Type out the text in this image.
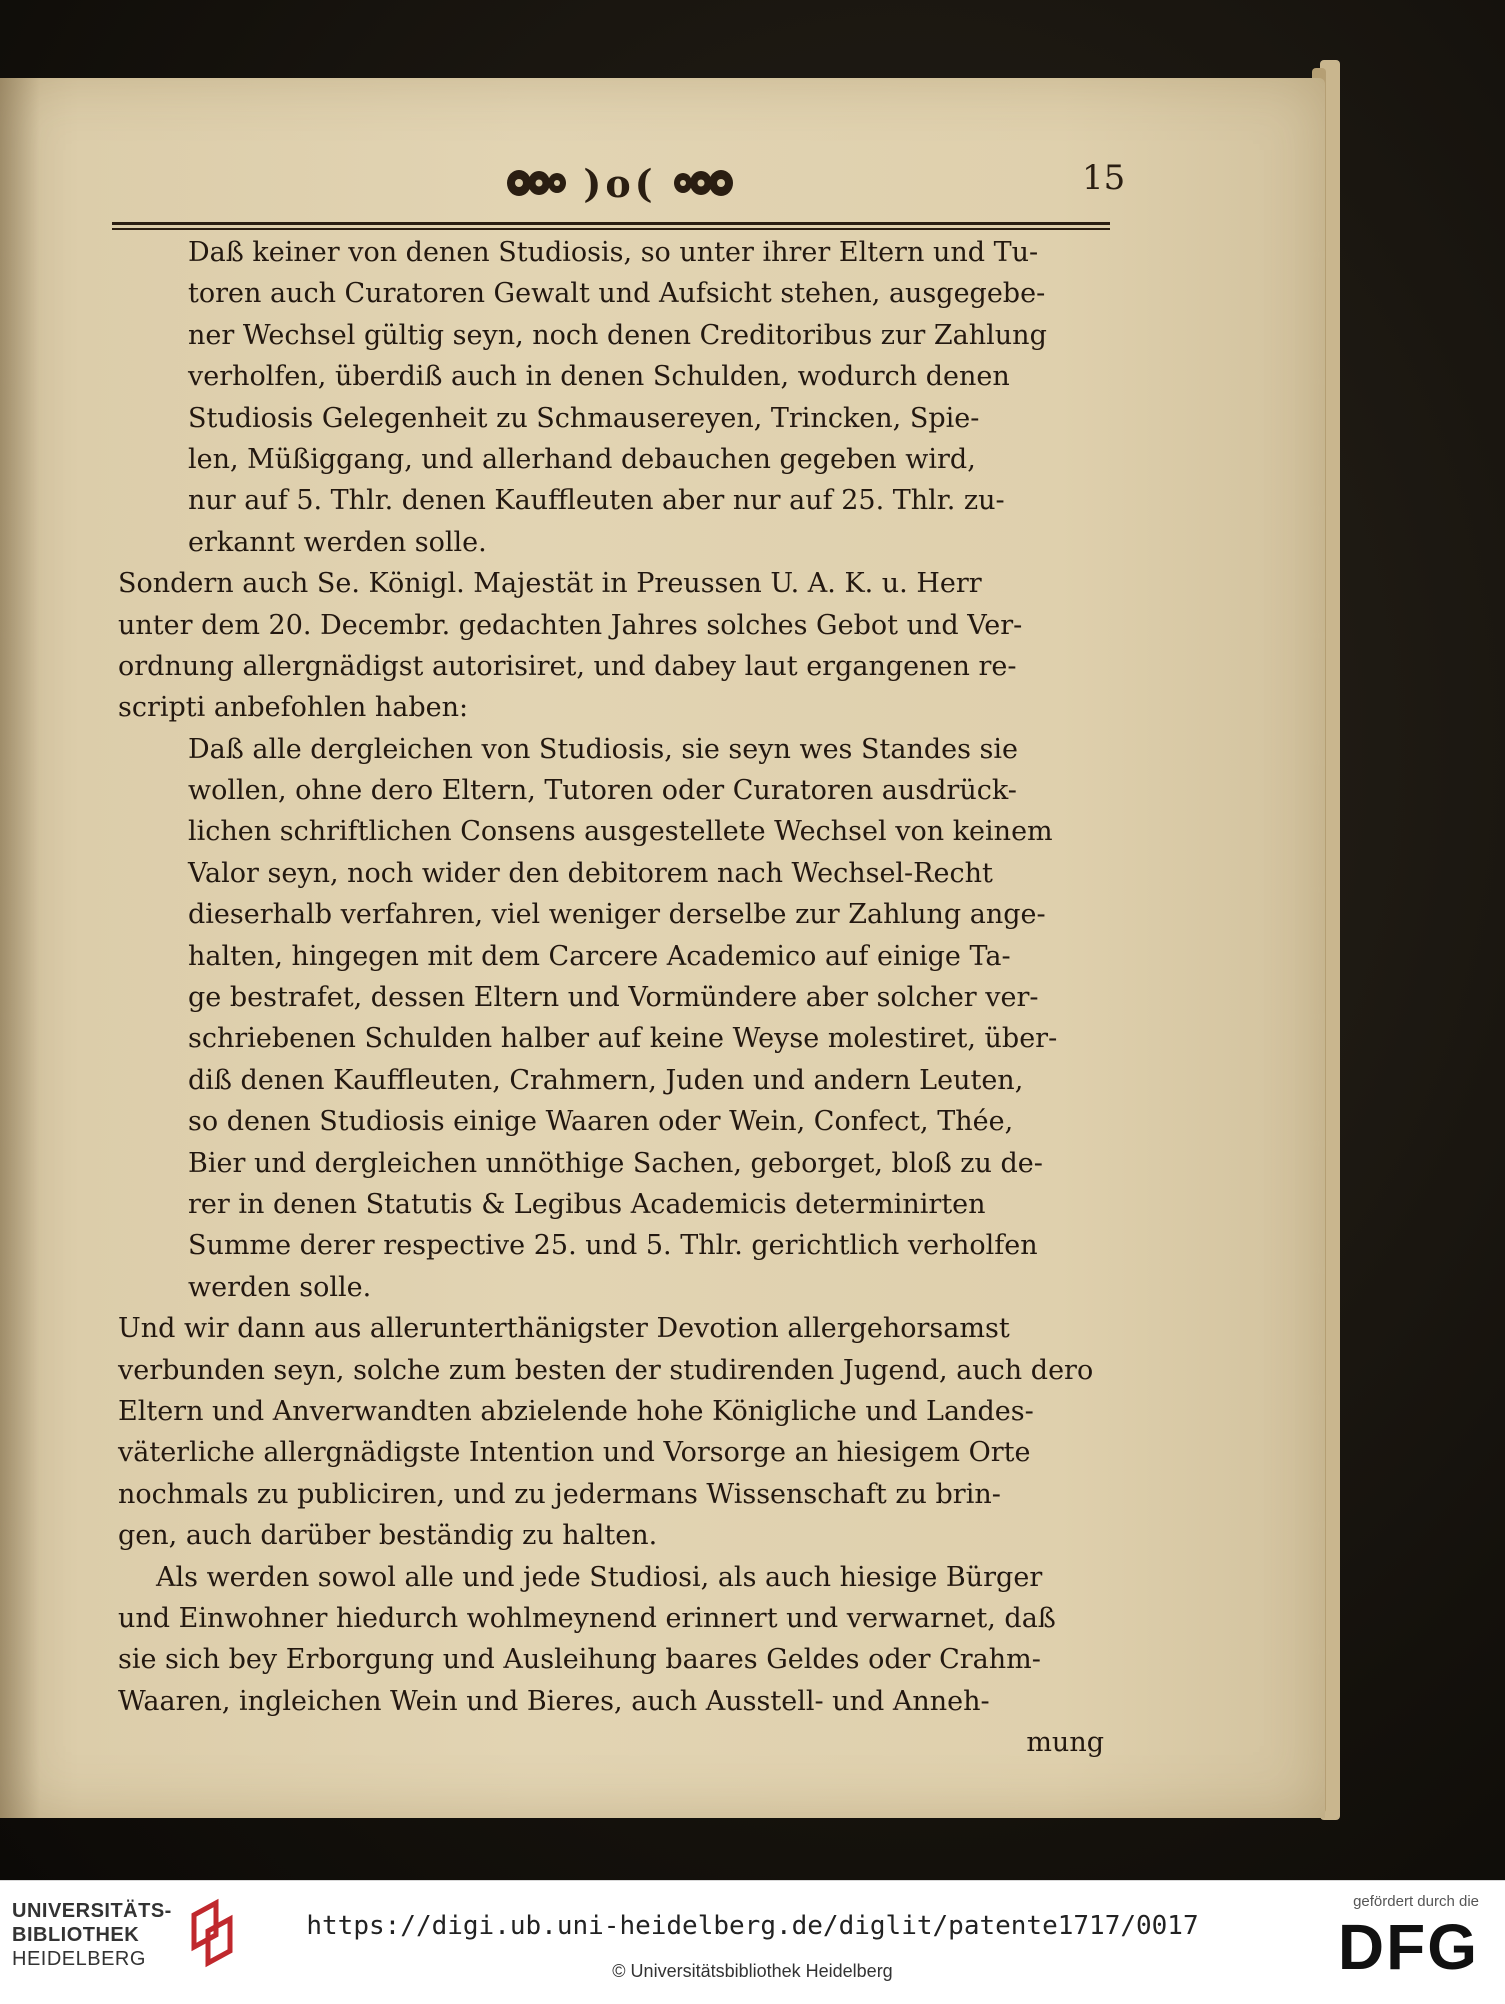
)o(	15
Daß keiner von denen Studiosis, so unter ihrer Eltern und Tu-
toren auch Curatoren Gewalt und Aufsicht stehen, ausgegebe-
ner Wechsel gültig seyn, noch denen Creditoribus zur Zahlung
verholfen, überdiß auch in denen Schulden, wodurch denen
Studiosis Gelegenheit zu Schmausereyen, Trincken, Spie-
len, Müßiggang, und allerhand debauchen gegeben wird,
nur auf 5. Thlr. denen Kauffleuten aber nur auf 25. Thlr. zu-
erkannt werden solle.
Sondern auch Se. Königl. Majestät in Preussen U. A. K. u. Herr
unter dem 20. Decembr. gedachten Jahres solches Gebot und Ver-
ordnung allergnädigst autorisiret, und dabey laut ergangenen re-
scripti anbefohlen haben:
Daß alle dergleichen von Studiosis, sie seyn wes Standes sie
wollen, ohne dero Eltern, Tutoren oder Curatoren ausdrück-
lichen schriftlichen Consens ausgestellete Wechsel von keinem
Valor seyn, noch wider den debitorem nach Wechsel-Recht
dieserhalb verfahren, viel weniger derselbe zur Zahlung ange-
halten, hingegen mit dem Carcere Academico auf einige Ta-
ge bestrafet, dessen Eltern und Vormündere aber solcher ver-
schriebenen Schulden halber auf keine Weyse molestiret, über-
diß denen Kauffleuten, Crahmern, Juden und andern Leuten,
so denen Studiosis einige Waaren oder Wein, Confect, Thée,
Bier und dergleichen unnöthige Sachen, geborget, bloß zu de-
rer in denen Statutis & Legibus Academicis determinirten
Summe derer respective 25. und 5. Thlr. gerichtlich verholfen
werden solle.
Und wir dann aus allerunterthänigster Devotion allergehorsamst
verbunden seyn, solche zum besten der studirenden Jugend, auch dero
Eltern und Anverwandten abzielende hohe Königliche und Landes-
väterliche allergnädigste Intention und Vorsorge an hiesigem Orte
nochmals zu publiciren, und zu jedermans Wissenschaft zu brin-
gen, auch darüber beständig zu halten.
Als werden sowol alle und jede Studiosi, als auch hiesige Bürger
und Einwohner hiedurch wohlmeynend erinnert und verwarnet, daß
sie sich bey Erborgung und Ausleihung baares Geldes oder Crahm-
Waaren, ingleichen Wein und Bieres, auch Ausstell- und Anneh-
mung
UNIVERSITÄTS-
BIBLIOTHEK
HEIDELBERG
https://digi.ub.uni-heidelberg.de/diglit/patente1717/0017
© Universitätsbibliothek Heidelberg
gefördert durch die
DFG
